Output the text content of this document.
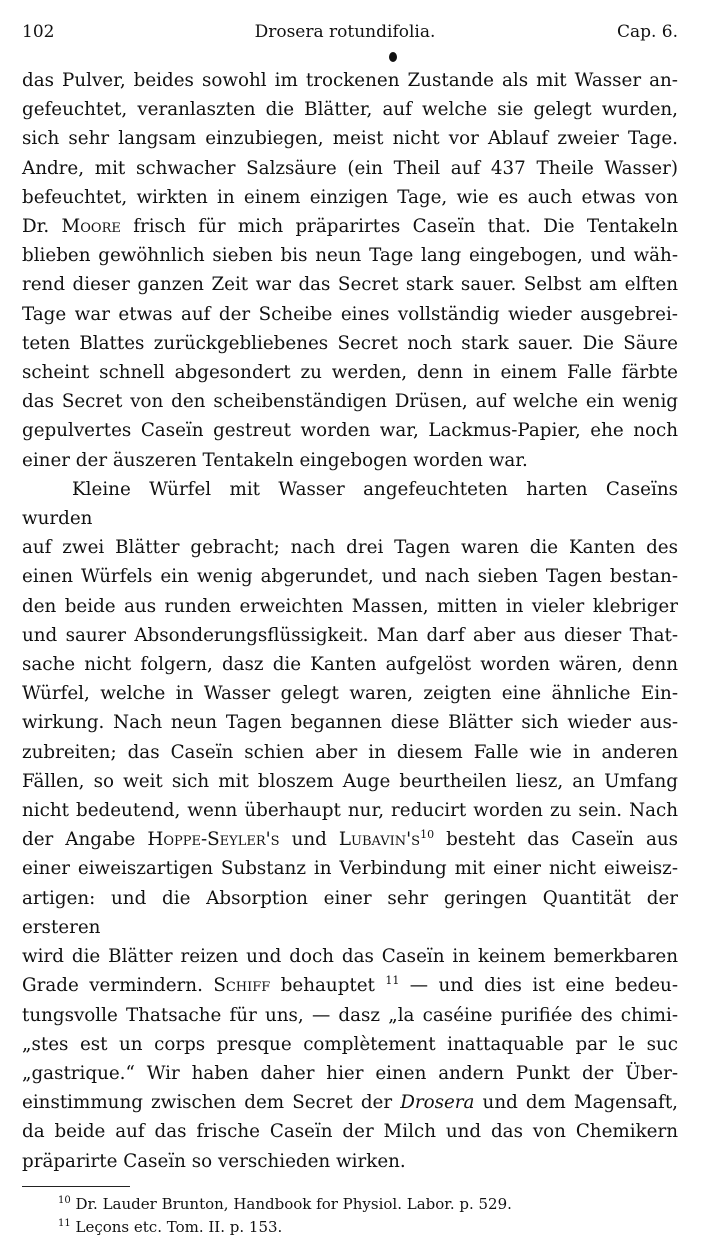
102	Drosera rotundifolia.	Cap. 6.

das Pulver, beides sowohl im trockenen Zustande als mit Wasser an-
gefeuchtet, veranlaszten die Blätter, auf welche sie gelegt wurden,
sich sehr langsam einzubiegen, meist nicht vor Ablauf zweier Tage.
Andre, mit schwacher Salzsäure (ein Theil auf 437 Theile Wasser)
befeuchtet, wirkten in einem einzigen Tage, wie es auch etwas von
Dr. Moore frisch für mich präparirtes Caseïn that. Die Tentakeln
blieben gewöhnlich sieben bis neun Tage lang eingebogen, und wäh-
rend dieser ganzen Zeit war das Secret stark sauer. Selbst am elften
Tage war etwas auf der Scheibe eines vollständig wieder ausgebrei-
teten Blattes zurückgebliebenes Secret noch stark sauer. Die Säure
scheint schnell abgesondert zu werden, denn in einem Falle färbte
das Secret von den scheibenständigen Drüsen, auf welche ein wenig
gepulvertes Caseïn gestreut worden war, Lackmus-Papier, ehe noch
einer der äuszeren Tentakeln eingebogen worden war.

Kleine Würfel mit Wasser angefeuchteten harten Caseïns wurden
auf zwei Blätter gebracht; nach drei Tagen waren die Kanten des
einen Würfels ein wenig abgerundet, und nach sieben Tagen bestan-
den beide aus runden erweichten Massen, mitten in vieler klebriger
und saurer Absonderungsflüssigkeit. Man darf aber aus dieser That-
sache nicht folgern, dasz die Kanten aufgelöst worden wären, denn
Würfel, welche in Wasser gelegt waren, zeigten eine ähnliche Ein-
wirkung. Nach neun Tagen begannen diese Blätter sich wieder aus-
zubreiten; das Caseïn schien aber in diesem Falle wie in anderen
Fällen, so weit sich mit bloszem Auge beurtheilen liesz, an Umfang
nicht bedeutend, wenn überhaupt nur, reducirt worden zu sein. Nach
der Angabe Hoppe-Seyler's und $Lubavin's^{10}$ besteht das Caseïn aus
einer eiweiszartigen Substanz in Verbindung mit einer nicht eiweisz-
artigen: und die Absorption einer sehr geringen Quantität der ersteren
wird die Blätter reizen und doch das Caseïn in keinem bemerkbaren
Grade vermindern. Schiff behauptet $^{11}$ — und dies ist eine bedeu-
tungsvolle Thatsache für uns, — dasz „la caséine purifiée des chimi-
„stes est un corps presque complètement inattaquable par le suc
„gastrique.“ Wir haben daher hier einen andern Punkt der Über-
einstimmung zwischen dem Secret der Drosera und dem Magensaft,
da beide auf das frische Caseïn der Milch und das von Chemikern
präparirte Caseïn so verschieden wirken.

$^{10}$ Dr. Lauder Brunton, Handbook for Physiol. Labor. p. 529.
$^{11}$ Leçons etc. Tom. II. p. 153.
